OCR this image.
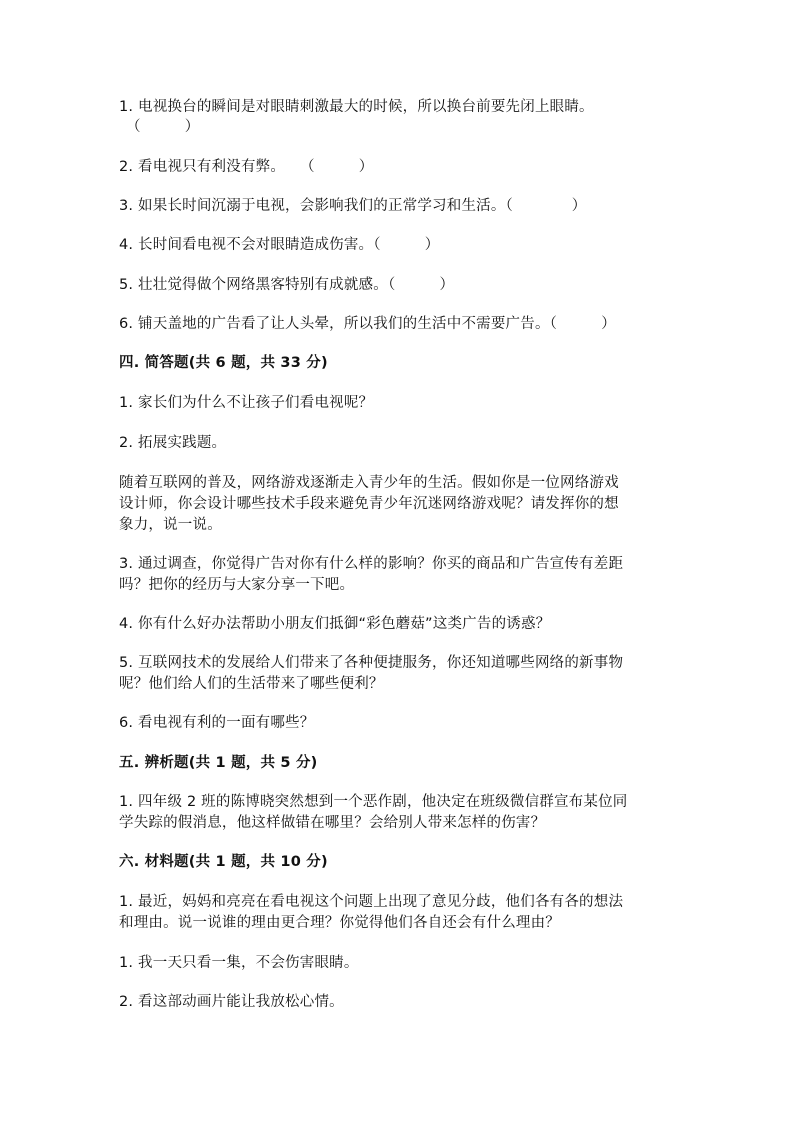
1. 电视换台的瞬间是对眼睛刺激最大的时候，所以换台前要先闭上眼睛。
（　　　）
2. 看电视只有利没有弊。　　（　　　）
3. 如果长时间沉溺于电视，会影响我们的正常学习和生活。（　　　　）
4. 长时间看电视不会对眼睛造成伤害。（　　　）
5. 壮壮觉得做个网络黑客特别有成就感。（　　　）
6. 铺天盖地的广告看了让人头晕，所以我们的生活中不需要广告。（　　　）
四. 简答题(共 6 题，共 33 分)
1. 家长们为什么不让孩子们看电视呢？
2. 拓展实践题。
随着互联网的普及，网络游戏逐渐走入青少年的生活。假如你是一位网络游戏
设计师，你会设计哪些技术手段来避免青少年沉迷网络游戏呢？请发挥你的想
象力，说一说。
3. 通过调查，你觉得广告对你有什么样的影响？你买的商品和广告宣传有差距
吗？把你的经历与大家分享一下吧。
4. 你有什么好办法帮助小朋友们抵御“彩色蘑菇”这类广告的诱惑？
5. 互联网技术的发展给人们带来了各种便捷服务，你还知道哪些网络的新事物
呢？他们给人们的生活带来了哪些便利？
6. 看电视有利的一面有哪些？
五. 辨析题(共 1 题，共 5 分)
1. 四年级 2 班的陈博晓突然想到一个恶作剧，他决定在班级微信群宣布某位同
学失踪的假消息，他这样做错在哪里？会给别人带来怎样的伤害？
六. 材料题(共 1 题，共 10 分)
1. 最近，妈妈和亮亮在看电视这个问题上出现了意见分歧，他们各有各的想法
和理由。说一说谁的理由更合理？你觉得他们各自还会有什么理由？
1. 我一天只看一集，不会伤害眼睛。
2. 看这部动画片能让我放松心情。
